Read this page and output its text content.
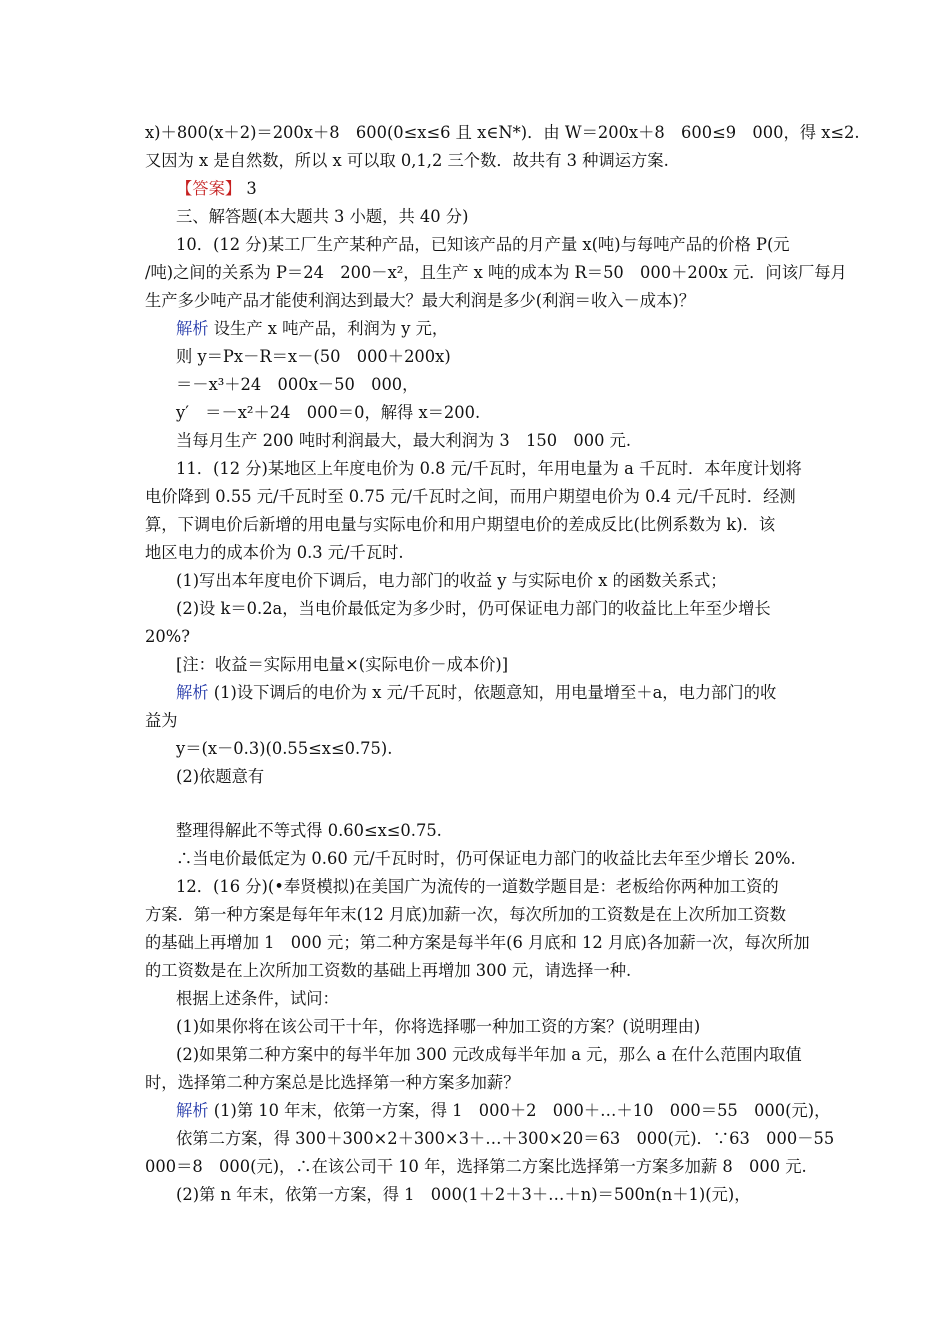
x)＋800(x＋2)＝200x＋8　600(0≤x≤6 且 x∈N*)．由 W＝200x＋8　600≤9　000，得 x≤2.
又因为 x 是自然数，所以 x 可以取 0,1,2 三个数．故共有 3 种调运方案.
【答案】 3
三、解答题(本大题共 3 小题，共 40 分)
10．(12 分)某工厂生产某种产品，已知该产品的月产量 x(吨)与每吨产品的价格 P(元
/吨)之间的关系为 P＝24　200－x²，且生产 x 吨的成本为 R＝50　000＋200x 元．问该厂每月
生产多少吨产品才能使利润达到最大？最大利润是多少(利润＝收入－成本)？
解析 设生产 x 吨产品，利润为 y 元，
则 y＝Px－R＝x－(50　000＋200x)
＝－x³＋24　000x－50　000，
y′　＝－x²＋24　000＝0，解得 x＝200.
当每月生产 200 吨时利润最大，最大利润为 3　150　000 元.
11．(12 分)某地区上年度电价为 0.8 元/千瓦时，年用电量为 a 千瓦时．本年度计划将
电价降到 0.55 元/千瓦时至 0.75 元/千瓦时之间，而用户期望电价为 0.4 元/千瓦时．经测
算，下调电价后新增的用电量与实际电价和用户期望电价的差成反比(比例系数为 k)．该
地区电力的成本价为 0.3 元/千瓦时.
(1)写出本年度电价下调后，电力部门的收益 y 与实际电价 x 的函数关系式；
(2)设 k＝0.2a，当电价最低定为多少时，仍可保证电力部门的收益比上年至少增长
20%?
[注：收益＝实际用电量×(实际电价－成本价)]
解析 (1)设下调后的电价为 x 元/千瓦时，依题意知，用电量增至＋a，电力部门的收
益为
y＝(x－0.3)(0.55≤x≤0.75).
(2)依题意有
整理得解此不等式得 0.60≤x≤0.75.
∴当电价最低定为 0.60 元/千瓦时时，仍可保证电力部门的收益比去年至少增长 20%.
12．(16 分)(•奉贤模拟)在美国广为流传的一道数学题目是：老板给你两种加工资的
方案．第一种方案是每年年末(12 月底)加薪一次，每次所加的工资数是在上次所加工资数
的基础上再增加 1　000 元；第二种方案是每半年(6 月底和 12 月底)各加薪一次，每次所加
的工资数是在上次所加工资数的基础上再增加 300 元，请选择一种.
根据上述条件，试问：
(1)如果你将在该公司干十年，你将选择哪一种加工资的方案？(说明理由)
(2)如果第二种方案中的每半年加 300 元改成每半年加 a 元，那么 a 在什么范围内取值
时，选择第二种方案总是比选择第一种方案多加薪？
解析 (1)第 10 年末，依第一方案，得 1　000＋2　000＋…＋10　000＝55　000(元)，
依第二方案，得 300＋300×2＋300×3＋…＋300×20＝63　000(元)．∵63　000－55
000＝8　000(元)，∴在该公司干 10 年，选择第二方案比选择第一方案多加薪 8　000 元.
(2)第 n 年末，依第一方案，得 1　000(1＋2＋3＋…＋n)＝500n(n＋1)(元)，
